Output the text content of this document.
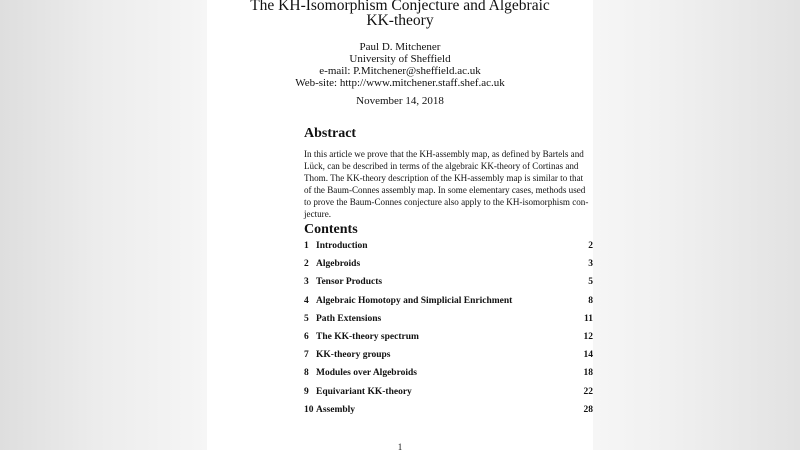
The KH-Isomorphism Conjecture and Algebraic
KK-theory
Paul D. Mitchener
University of Sheffield
e-mail: P.Mitchener@sheffield.ac.uk
Web-site: http://www.mitchener.staff.shef.ac.uk
November 14, 2018
Abstract
In this article we prove that the KH-assembly map, as defined by Bartels and
Lück, can be described in terms of the algebraic KK-theory of Cortinas and
Thom. The KK-theory description of the KH-assembly map is similar to that
of the Baum-Connes assembly map. In some elementary cases, methods used
to prove the Baum-Connes conjecture also apply to the KH-isomorphism con-
jecture.
Contents
1 Introduction	2
2 Algebroids	3
3 Tensor Products	5
4 Algebraic Homotopy and Simplicial Enrichment	8
5 Path Extensions	11
6 The KK-theory spectrum	12
7 KK-theory groups	14
8 Modules over Algebroids	18
9 Equivariant KK-theory	22
10 Assembly	28
1
